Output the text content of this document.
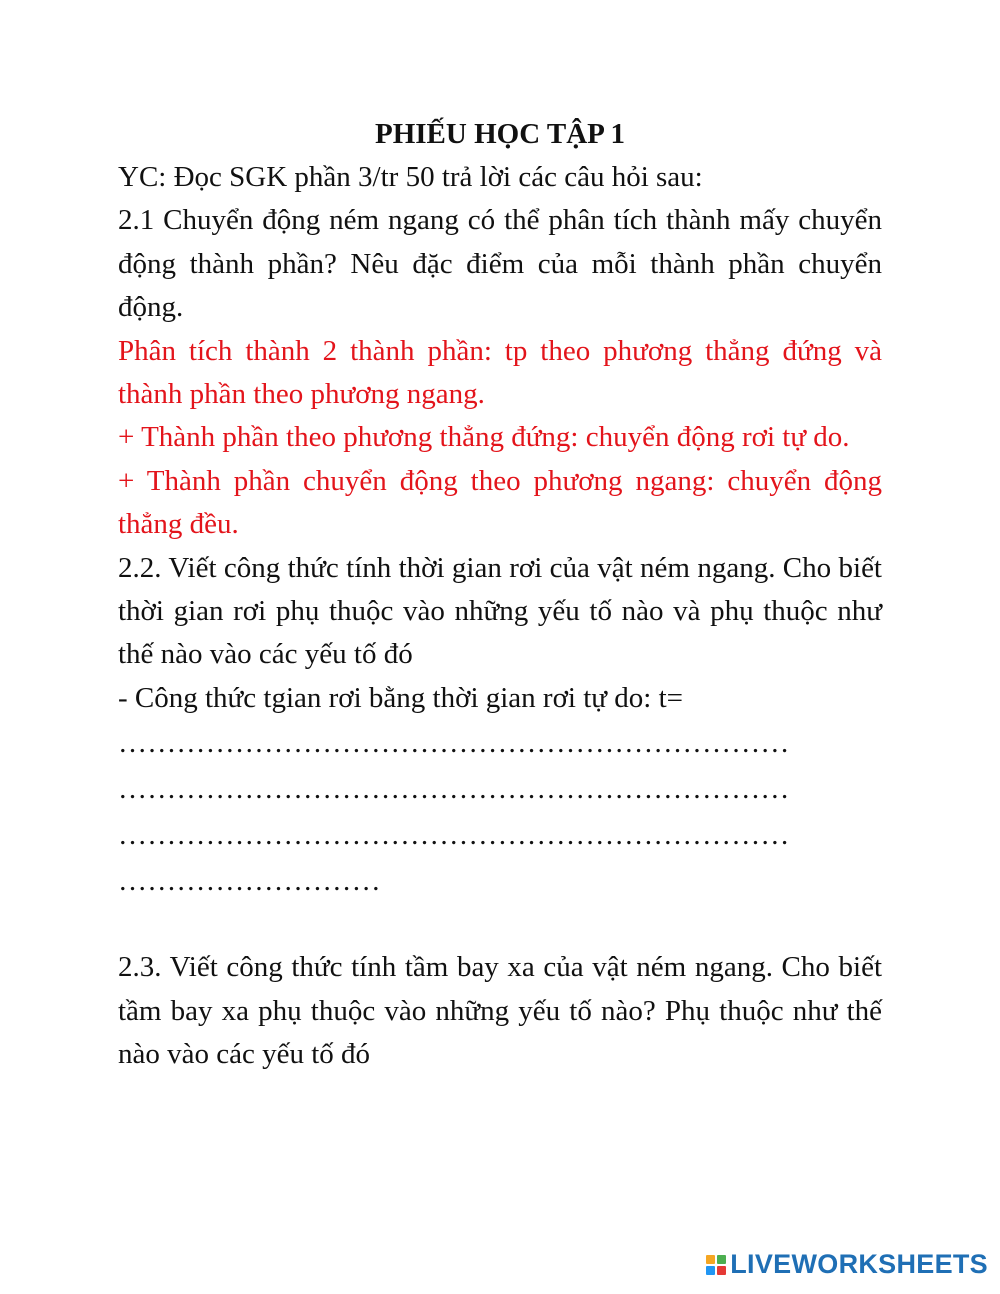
PHIẾU HỌC TẬP 1

YC: Đọc SGK phần 3/tr 50 trả lời các câu hỏi sau:

2.1 Chuyển động ném ngang có thể phân tích thành mấy chuyển động thành phần? Nêu đặc điểm của mỗi thành phần chuyển động.

Phân tích thành 2 thành phần: tp theo phương thẳng đứng và thành phần theo phương ngang.

+ Thành phần theo phương thẳng đứng: chuyển động rơi tự do.

+ Thành phần chuyển động theo phương ngang: chuyển động thẳng đều.

2.2. Viết công thức tính thời gian rơi của vật ném ngang. Cho biết thời gian rơi phụ thuộc vào những yếu tố nào và phụ thuộc như thế nào vào các yếu tố đó

- Công thức tgian rơi bằng thời gian rơi tự do: t=

……………………………………………………………

……………………………………………………………

……………………………………………………………

………………………

2.3. Viết công thức tính tầm bay xa của vật ném ngang. Cho biết tầm bay xa phụ thuộc vào những yếu tố nào? Phụ thuộc như thế nào vào các yếu tố đó

LIVEWORKSHEETS
